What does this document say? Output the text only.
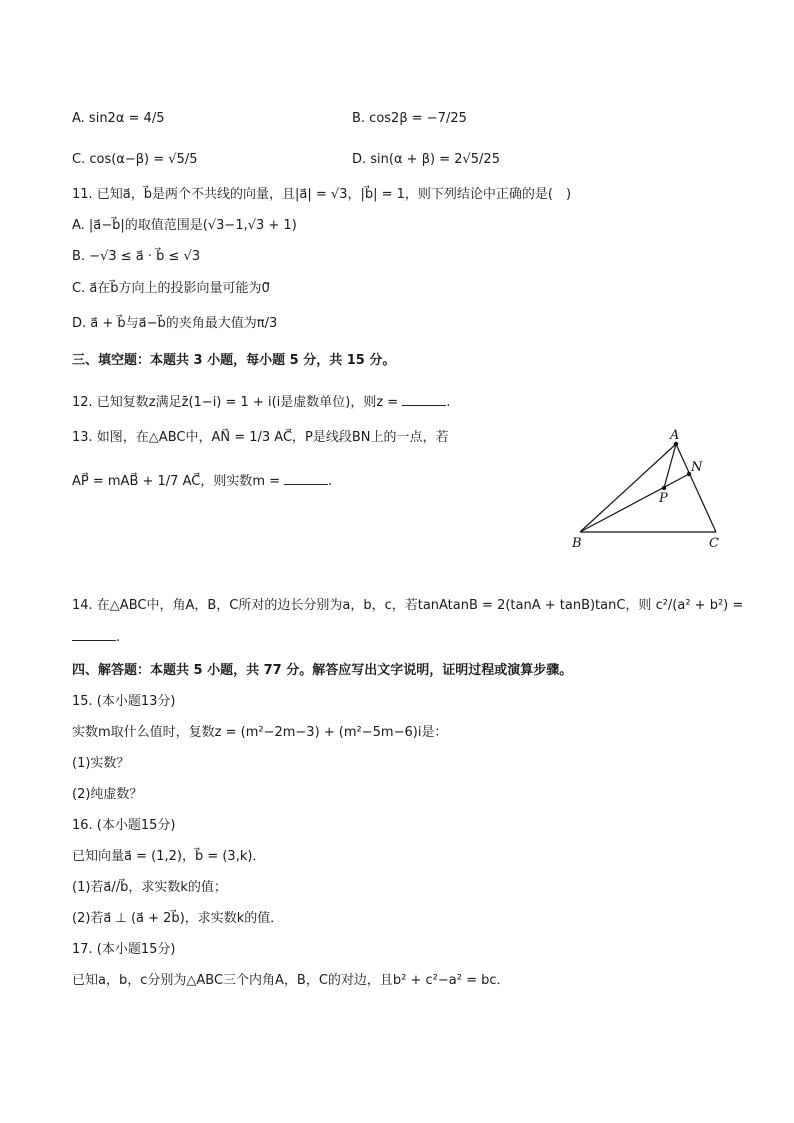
A. sin2α = 4/5	B. cos2β = −7/25
C. cos(α−β) = √5/5	D. sin(α + β) = 2√5/25
11. 已知a⃗，b⃗是两个不共线的向量，且|a⃗| = √3，|b⃗| = 1，则下列结论中正确的是(　)
A. |a⃗−b⃗|的取值范围是(√3−1,√3 + 1)
B. −√3 ≤ a⃗ · b⃗ ≤ √3
C. a⃗在b⃗方向上的投影向量可能为0⃗
D. a⃗ + b⃗与a⃗−b⃗的夹角最大值为π/3
三、填空题：本题共 3 小题，每小题 5 分，共 15 分。
12. 已知复数z满足z̄(1−i) = 1 + i(i是虚数单位)，则z =	.
13. 如图，在△ABC中，AN⃗ = 1/3 AC⃗，P是线段BN上的一点，若
AP⃗ = mAB⃗ + 1/7 AC⃗，则实数m =	.
A
N
P
B	C
14. 在△ABC中，角A，B，C所对的边长分别为a，b，c，若tanAtanB = 2(tanA + tanB)tanC，则 c²/(a² + b²) =
.
四、解答题：本题共 5 小题，共 77 分。解答应写出文字说明，证明过程或演算步骤。
15. (本小题13分)
实数m取什么值时，复数z = (m²−2m−3) + (m²−5m−6)i是：
(1)实数？
(2)纯虚数？
16. (本小题15分)
已知向量a⃗ = (1,2)，b⃗ = (3,k)．
(1)若a⃗//b⃗，求实数k的值；
(2)若a⃗ ⊥ (a⃗ + 2b⃗)，求实数k的值．
17. (本小题15分)
已知a，b，c分别为△ABC三个内角A，B，C的对边，且b² + c²−a² = bc．
